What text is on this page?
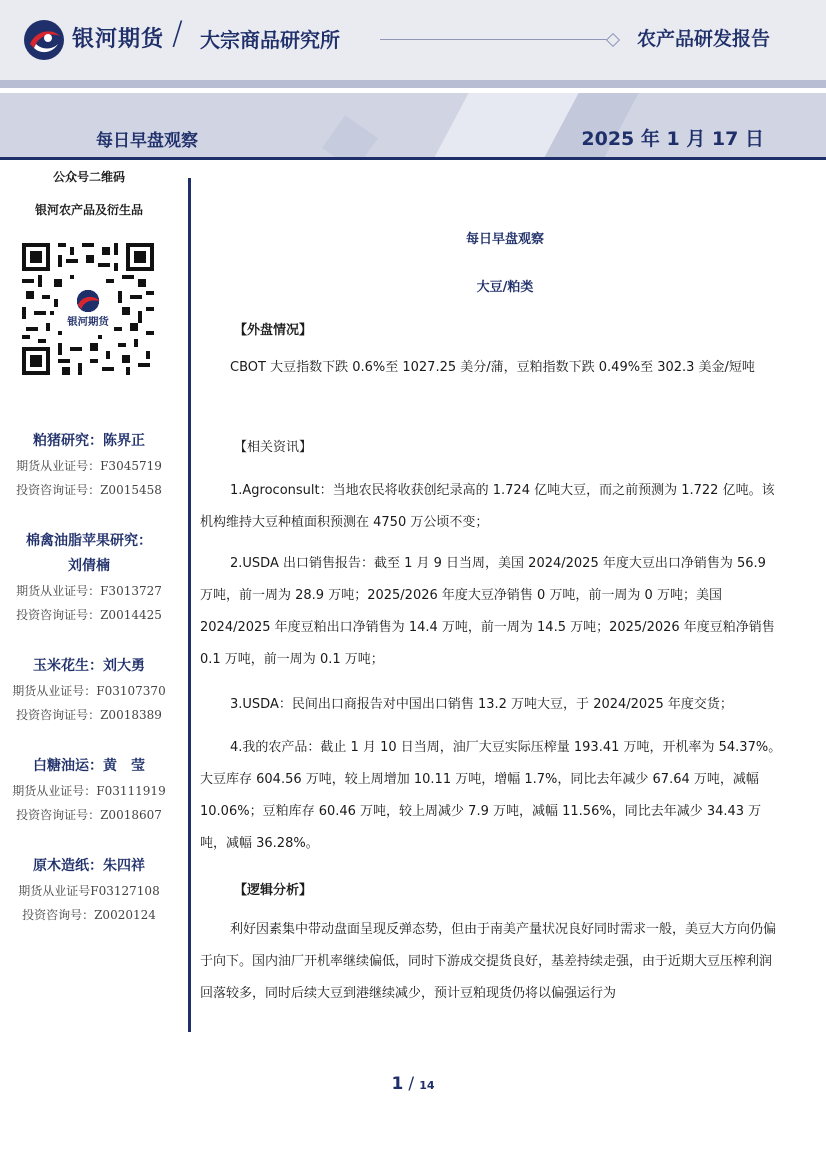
银河期货 / 大宗商品研究所	农产品研发报告
每日早盘观察	2025 年 1 月 17 日
公众号二维码
银河农产品及衍生品
银河期货
粕猪研究：陈界正
期货从业证号：F3045719
投资咨询证号：Z0015458
棉禽油脂苹果研究：
刘倩楠
期货从业证号：F3013727
投资咨询证号：Z0014425
玉米花生：刘大勇
期货从业证号：F03107370
投资咨询证号：Z0018389
白糖油运：黄　莹
期货从业证号：F03111919
投资咨询证号：Z0018607
原木造纸：朱四祥
期货从业证号F03127108
投资咨询号：Z0020124
每日早盘观察
大豆/粕类
【外盘情况】
CBOT 大豆指数下跌 0.6%至 1027.25 美分/蒲，豆粕指数下跌 0.49%至 302.3 美金/短吨
【相关资讯】
1.Agroconsult：当地农民将收获创纪录高的 1.724 亿吨大豆，而之前预测为 1.722 亿吨。该机构维持大豆种植面积预测在 4750 万公顷不变；
2.USDA 出口销售报告：截至 1 月 9 日当周，美国 2024/2025 年度大豆出口净销售为 56.9 万吨，前一周为 28.9 万吨；2025/2026 年度大豆净销售 0 万吨，前一周为 0 万吨；美国 2024/2025 年度豆粕出口净销售为 14.4 万吨，前一周为 14.5 万吨；2025/2026 年度豆粕净销售 0.1 万吨，前一周为 0.1 万吨；
3.USDA：民间出口商报告对中国出口销售 13.2 万吨大豆，于 2024/2025 年度交货；
4.我的农产品：截止 1 月 10 日当周，油厂大豆实际压榨量 193.41 万吨，开机率为 54.37%。大豆库存 604.56 万吨，较上周增加 10.11 万吨，增幅 1.7%，同比去年减少 67.64 万吨，减幅 10.06%；豆粕库存 60.46 万吨，较上周减少 7.9 万吨，减幅 11.56%，同比去年减少 34.43 万吨，减幅 36.28%。
【逻辑分析】
利好因素集中带动盘面呈现反弹态势，但由于南美产量状况良好同时需求一般，美豆大方向仍偏于向下。国内油厂开机率继续偏低，同时下游成交提货良好，基差持续走强，由于近期大豆压榨利润回落较多，同时后续大豆到港继续减少，预计豆粕现货仍将以偏强运行为
1 / 14
